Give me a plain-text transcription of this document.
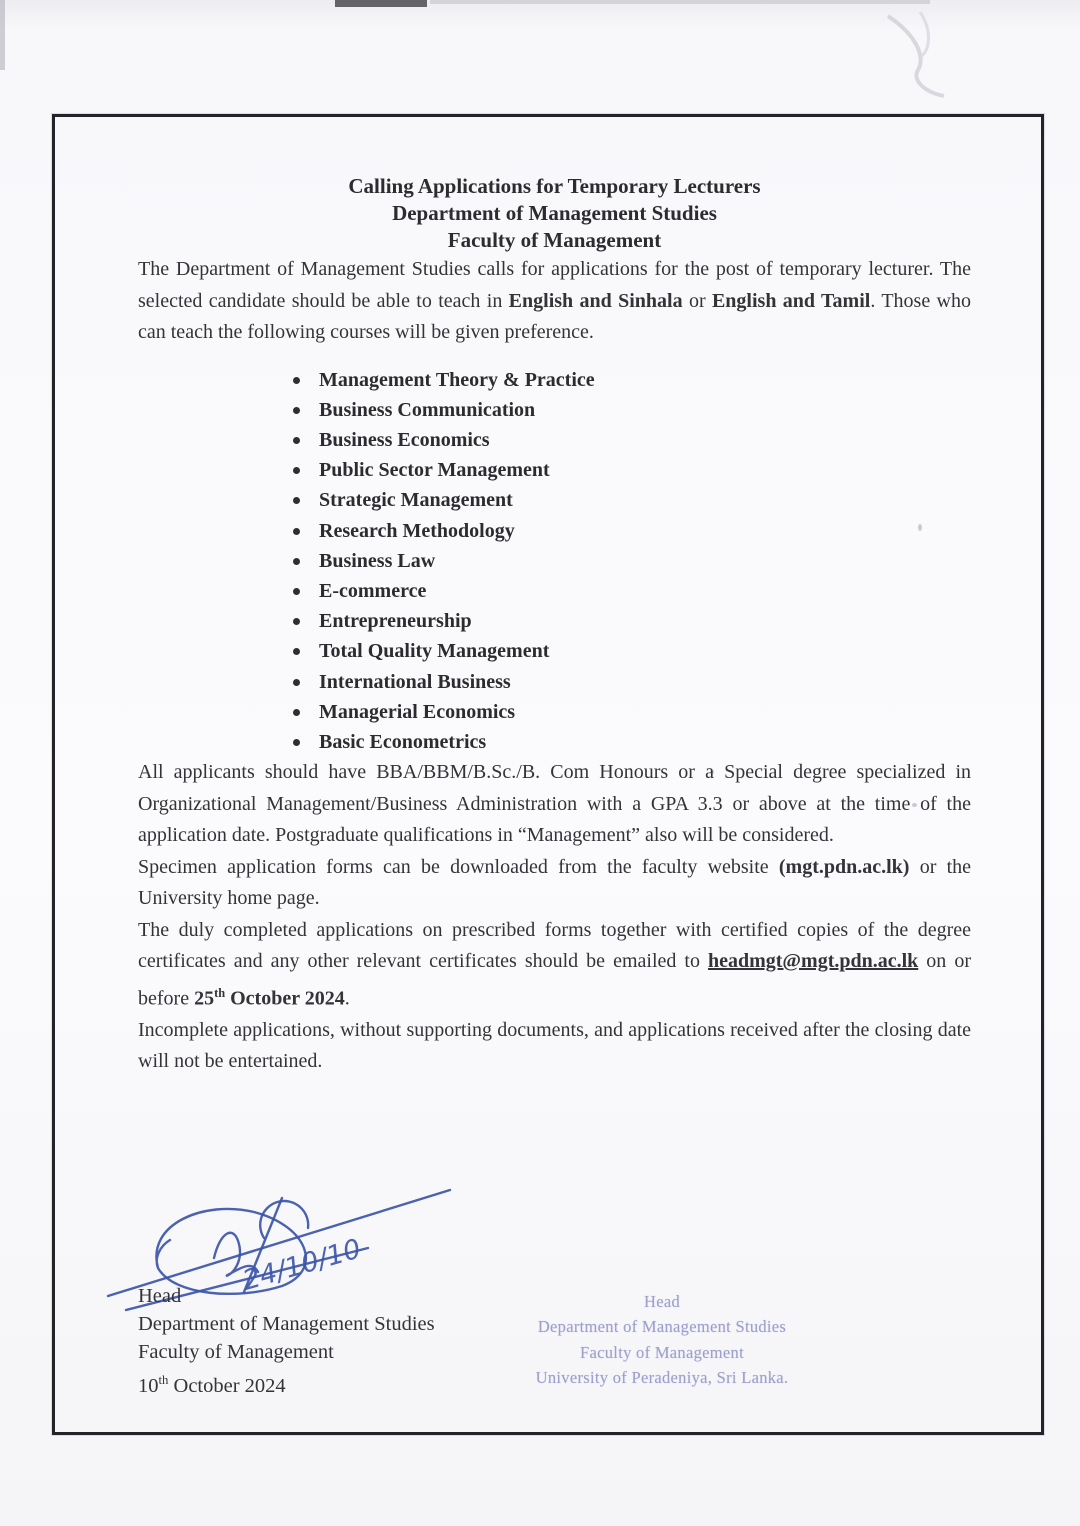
Calling Applications for Temporary Lecturers
Department of Management Studies
Faculty of Management

The Department of Management Studies calls for applications for the post of temporary lecturer. The selected candidate should be able to teach in English and Sinhala or English and Tamil. Those who can teach the following courses will be given preference.

Management Theory & Practice
Business Communication
Business Economics
Public Sector Management
Strategic Management
Research Methodology
Business Law
E-commerce
Entrepreneurship
Total Quality Management
International Business
Managerial Economics
Basic Econometrics

All applicants should have BBA/BBM/B.Sc./B. Com Honours or a Special degree specialized in Organizational Management/Business Administration with a GPA 3.3 or above at the time of the application date. Postgraduate qualifications in “Management” also will be considered.

Specimen application forms can be downloaded from the faculty website (mgt.pdn.ac.lk) or the University home page.

The duly completed applications on prescribed forms together with certified copies of the degree certificates and any other relevant certificates should be emailed to headmgt@mgt.pdn.ac.lk on or before 25th October 2024.

Incomplete applications, without supporting documents, and applications received after the closing date will not be entertained.

24/10/10
Head
Department of Management Studies
Faculty of Management
10th October 2024
Head
Department of Management Studies
Faculty of Management
University of Peradeniya, Sri Lanka.
